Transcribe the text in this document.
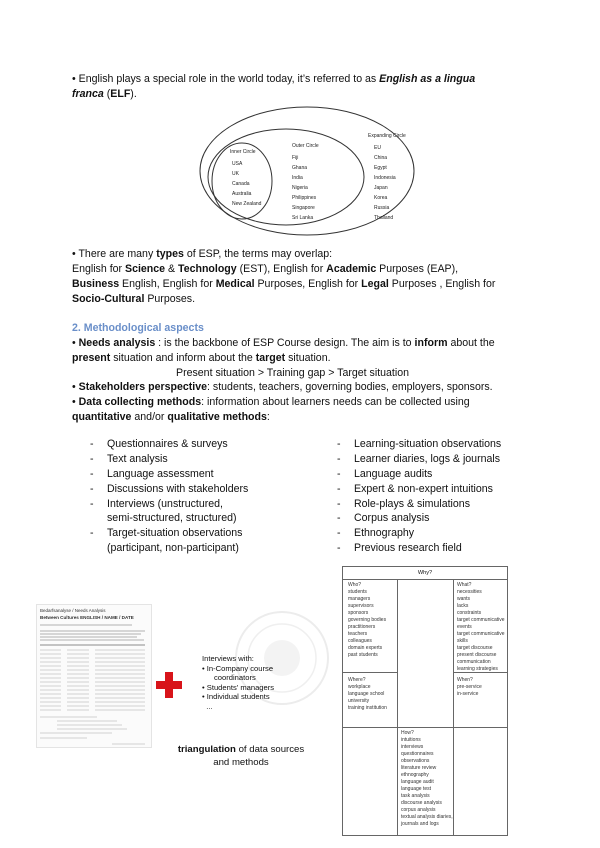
• English plays a special role in the world today, it’s referred to as English as a lingua
franca (ELF).
Inner Circle
USA
UK
Canada
Australia
New Zealand
Outer Circle
Fiji
Ghana
India
Nigeria
Philippines
Singapore
Sri Lanka
Expanding Circle
EU
China
Egypt
Indonesia
Japan
Korea
Russia
Thailand
• There are many types of ESP, the terms may overlap:
English for Science & Technology (EST), English for Academic Purposes (EAP),
Business English, English for Medical Purposes, English for Legal Purposes , English for
Socio-Cultural Purposes.
2. Methodological aspects
• Needs analysis : is the backbone of ESP Course design. The aim is to inform about the
present situation and inform about the target situation.
Present situation > Training gap > Target situation
• Stakeholders perspective: students, teachers, governing bodies, employers, sponsors.
• Data collecting methods: information about learners needs can be collected using
quantitative and/or qualitative methods:
- Questionnaires & surveys
- Text analysis
- Language assessment
- Discussions with stakeholders
- Interviews (unstructured,
semi-structured, structured)
- Target-situation observations
(participant, non-participant)
- Learning-situation observations
- Learner diaries, logs & journals
- Language audits
- Expert & non-expert intuitions
- Role-plays & simulations
- Corpus analysis
- Ethnography
- Previous research field
Bedarfsanalyse / Needs Analysis
Between Cultures ENGLISH / NAME / DATE
Interviews with:
• In-Company course
coordinators
• Students' managers
• Individual students
...
triangulation of data sources
and methods
Why?
Who?
students
managers
supervisors
sponsors
governing bodies
practitioners
teachers
colleagues
domain experts
past students
What?
necessities
wants
lacks
constraints
target communicative events
target communicative skills
target discourse
present discourse
communication
learning strategies
Where?
workplace
language school
university
training institution
When?
pre-service
in-service
How?
intuitions
interviews
questionnaires
observations
literature review
ethnography
language audit
language test
task analysis
discourse analysis
corpus analysis
textual analysis diaries,
journals and logs
